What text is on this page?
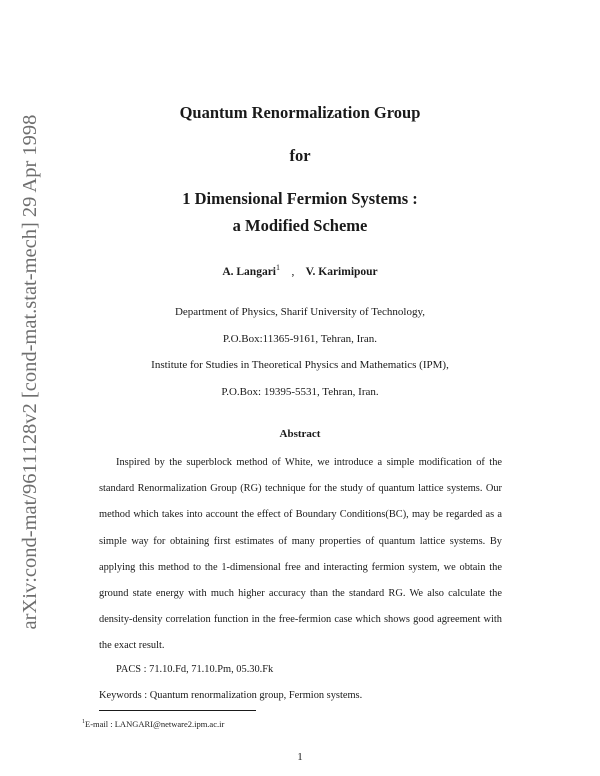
arXiv:cond-mat/9611128v2 [cond-mat.stat-mech] 29 Apr 1998
Quantum Renormalization Group
for
1 Dimensional Fermion Systems :
a Modified Scheme
A. Langari$^1$ , V. Karimipour
Department of Physics, Sharif University of Technology,
P.O.Box:11365-9161, Tehran, Iran.
Institute for Studies in Theoretical Physics and Mathematics (IPM),
P.O.Box: 19395-5531, Tehran, Iran.
Abstract
Inspired by the superblock method of White, we introduce a simple modification of the standard Renormalization Group (RG) technique for the study of quantum lattice systems. Our method which takes into account the effect of Boundary Conditions(BC), may be regarded as a simple way for obtaining first estimates of many properties of quantum lattice systems. By applying this method to the 1-dimensional free and interacting fermion system, we obtain the ground state energy with much higher accuracy than the standard RG. We also calculate the density-density correlation function in the free-fermion case which shows good agreement with the exact result.
PACS : 71.10.Fd, 71.10.Pm, 05.30.Fk
Keywords : Quantum renormalization group, Fermion systems.
$^1$E-mail : LANGARI@netware2.ipm.ac.ir
1
